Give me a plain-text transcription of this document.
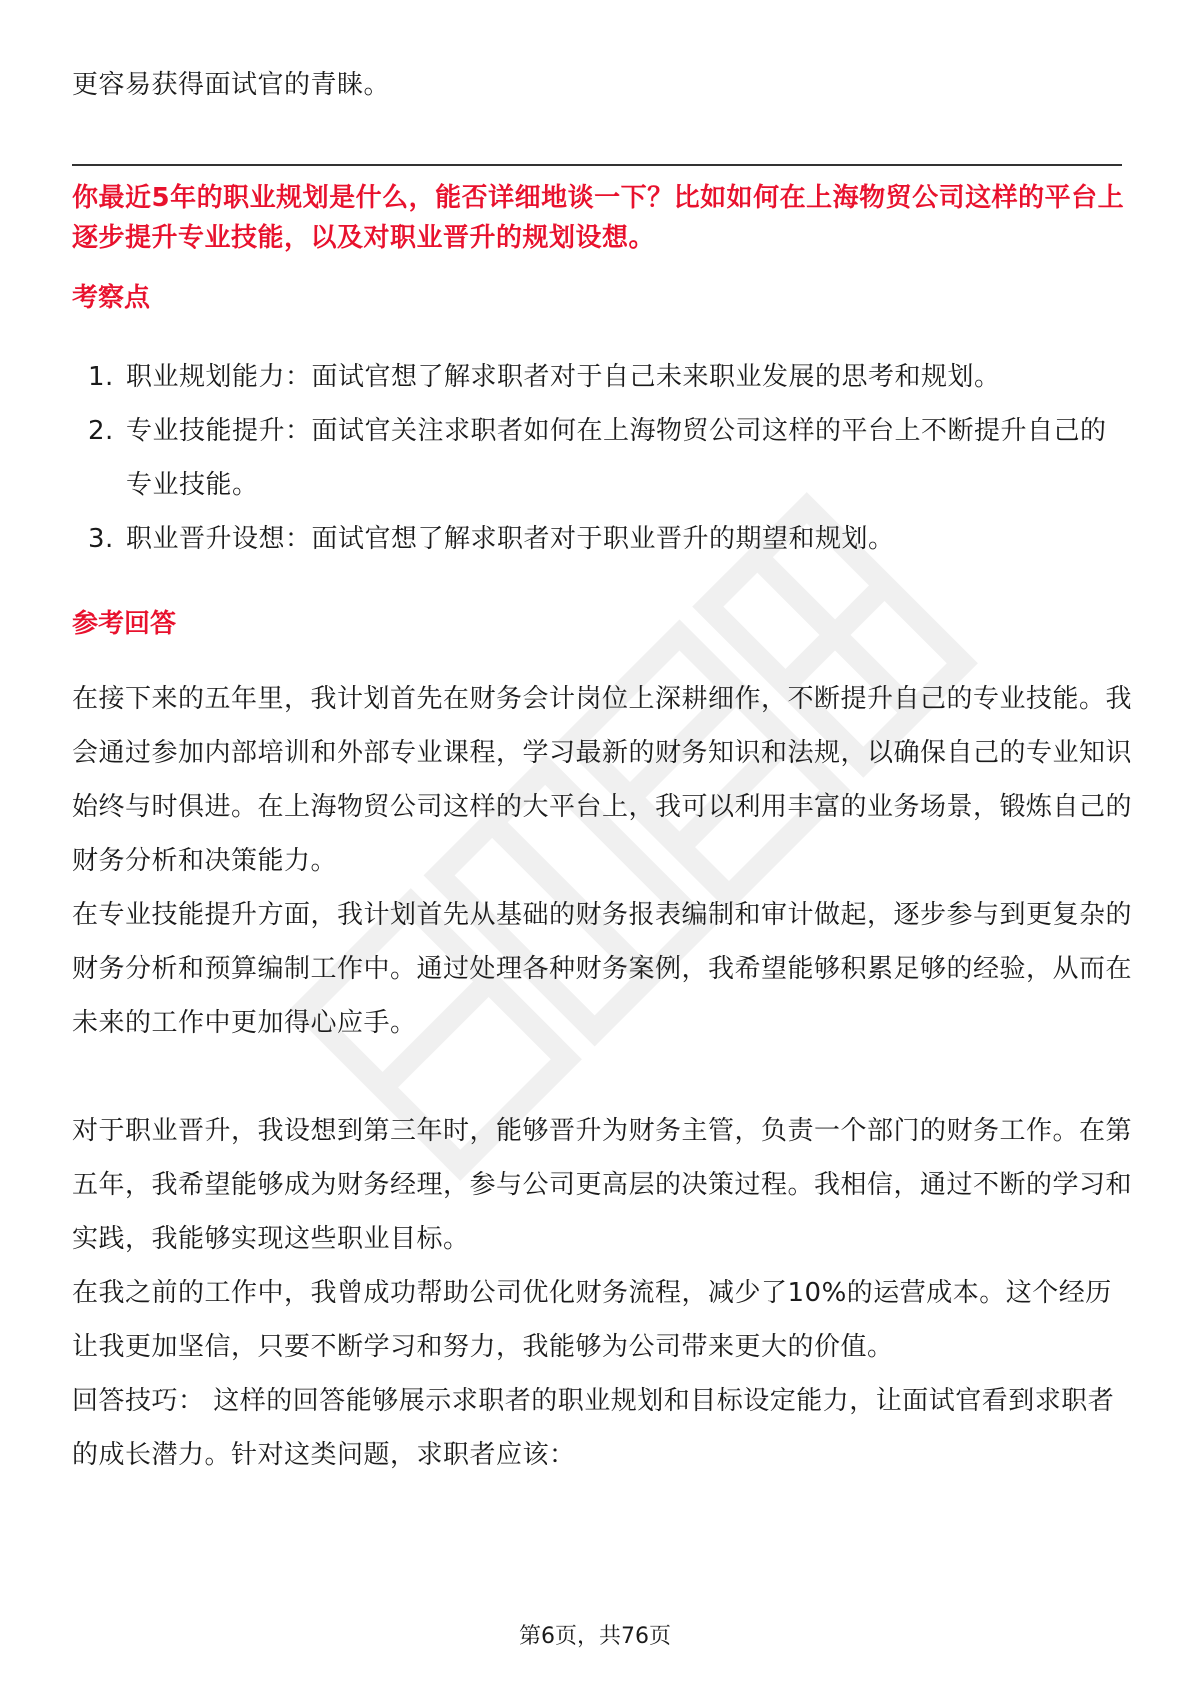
更容易获得面试官的青睐。

你最近5年的职业规划是什么，能否详细地谈一下？比如如何在上海物贸公司这样的平台上逐步提升专业技能，以及对职业晋升的规划设想。

考察点

1. 职业规划能力：面试官想了解求职者对于自己未来职业发展的思考和规划。
2. 专业技能提升：面试官关注求职者如何在上海物贸公司这样的平台上不断提升自己的专业技能。
3. 职业晋升设想：面试官想了解求职者对于职业晋升的期望和规划。

参考回答

在接下来的五年里，我计划首先在财务会计岗位上深耕细作，不断提升自己的专业技能。我会通过参加内部培训和外部专业课程，学习最新的财务知识和法规，以确保自己的专业知识始终与时俱进。在上海物贸公司这样的大平台上，我可以利用丰富的业务场景，锻炼自己的财务分析和决策能力。

在专业技能提升方面，我计划首先从基础的财务报表编制和审计做起，逐步参与到更复杂的财务分析和预算编制工作中。通过处理各种财务案例，我希望能够积累足够的经验，从而在未来的工作中更加得心应手。

对于职业晋升，我设想到第三年时，能够晋升为财务主管，负责一个部门的财务工作。在第五年，我希望能够成为财务经理，参与公司更高层的决策过程。我相信，通过不断的学习和实践，我能够实现这些职业目标。

在我之前的工作中，我曾成功帮助公司优化财务流程，减少了10%的运营成本。这个经历让我更加坚信，只要不断学习和努力，我能够为公司带来更大的价值。

回答技巧： 这样的回答能够展示求职者的职业规划和目标设定能力，让面试官看到求职者的成长潜力。针对这类问题，求职者应该：

第6页，共76页
